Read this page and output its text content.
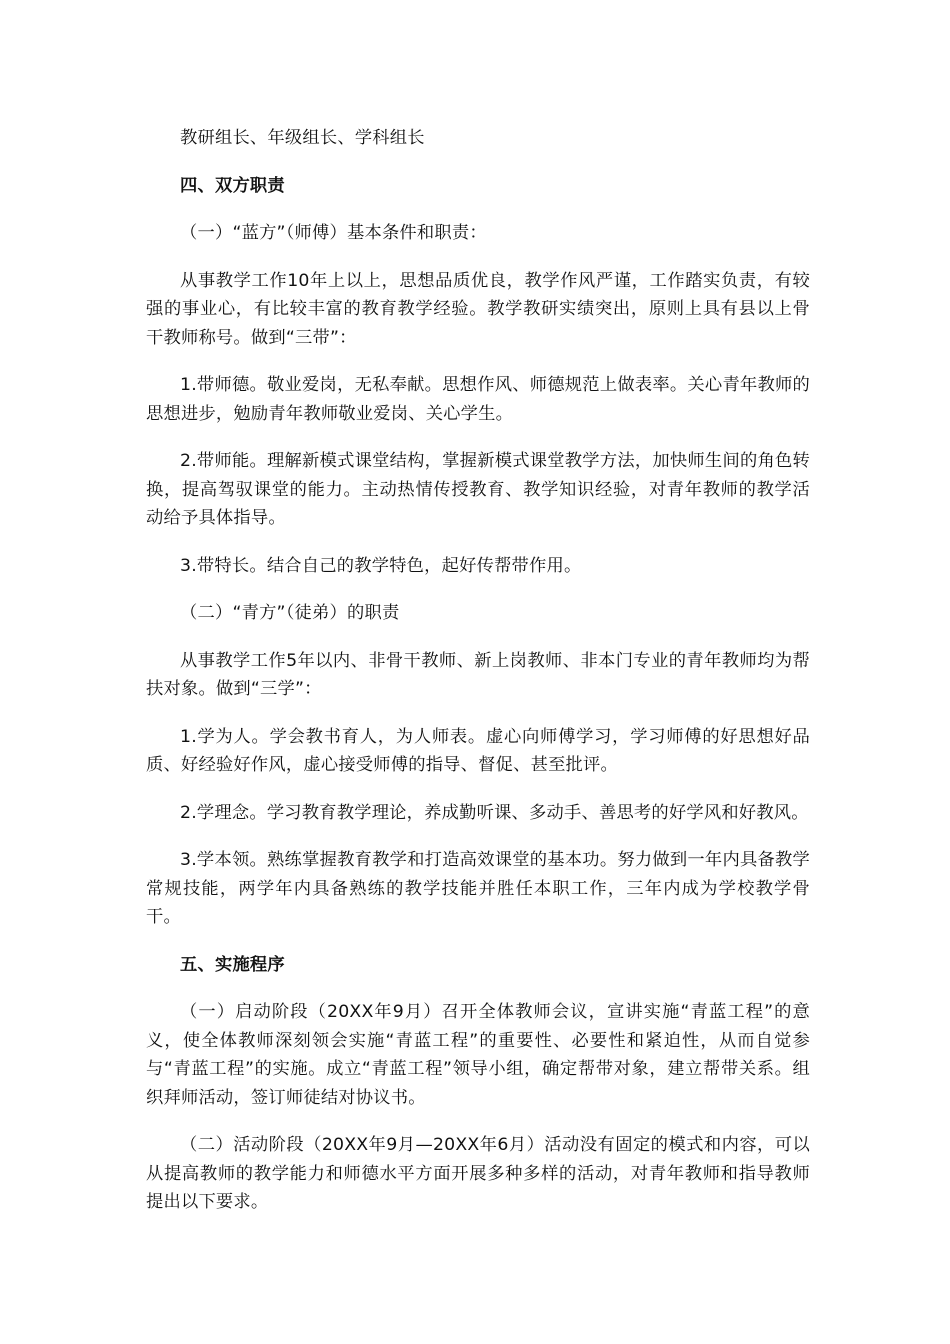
教研组长、年级组长、学科组长

四、双方职责

（一）“蓝方”（师傅）基本条件和职责：

从事教学工作10年上以上，思想品质优良，教学作风严谨，工作踏实负责，有较强的事业心，有比较丰富的教育教学经验。教学教研实绩突出，原则上具有县以上骨干教师称号。做到“三带”：

1.带师德。敬业爱岗，无私奉献。思想作风、师德规范上做表率。关心青年教师的思想进步，勉励青年教师敬业爱岗、关心学生。

2.带师能。理解新模式课堂结构，掌握新模式课堂教学方法，加快师生间的角色转换，提高驾驭课堂的能力。主动热情传授教育、教学知识经验，对青年教师的教学活动给予具体指导。

3.带特长。结合自己的教学特色，起好传帮带作用。

（二）“青方”（徒弟）的职责

从事教学工作5年以内、非骨干教师、新上岗教师、非本门专业的青年教师均为帮扶对象。做到“三学”：

1.学为人。学会教书育人，为人师表。虚心向师傅学习，学习师傅的好思想好品质、好经验好作风，虚心接受师傅的指导、督促、甚至批评。

2.学理念。学习教育教学理论，养成勤听课、多动手、善思考的好学风和好教风。

3.学本领。熟练掌握教育教学和打造高效课堂的基本功。努力做到一年内具备教学常规技能，两学年内具备熟练的教学技能并胜任本职工作，三年内成为学校教学骨干。

五、实施程序

（一）启动阶段（20XX年9月）召开全体教师会议，宣讲实施“青蓝工程”的意义，使全体教师深刻领会实施“青蓝工程”的重要性、必要性和紧迫性，从而自觉参与“青蓝工程”的实施。成立“青蓝工程”领导小组，确定帮带对象，建立帮带关系。组织拜师活动，签订师徒结对协议书。

（二）活动阶段（20XX年9月—20XX年6月）活动没有固定的模式和内容，可以从提高教师的教学能力和师德水平方面开展多种多样的活动，对青年教师和指导教师提出以下要求。
